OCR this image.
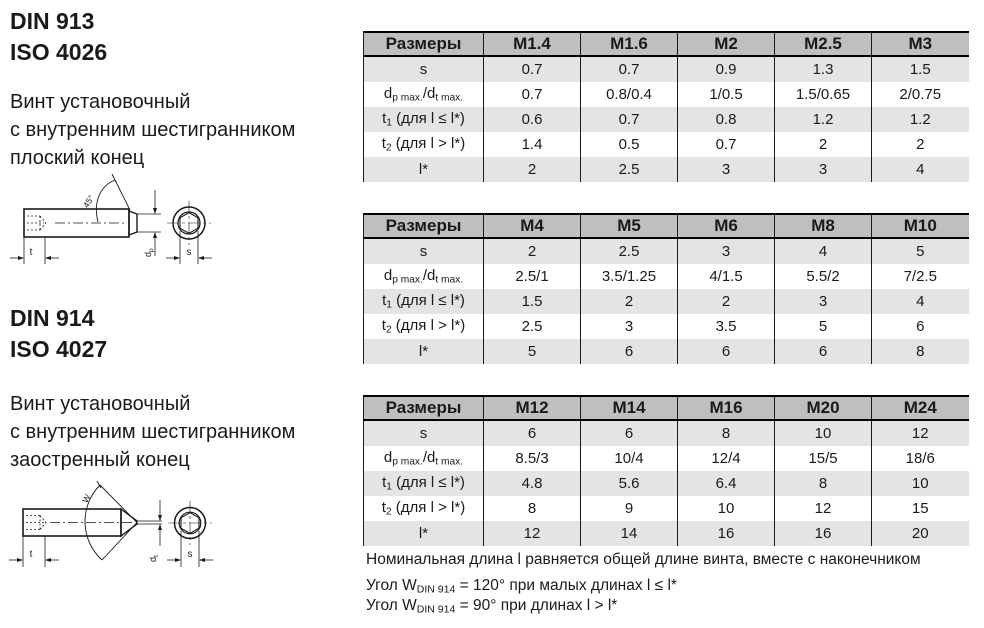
DIN 913
ISO 4026
Винт установочный
с внутренним шестигранником
плоский конец
45°
t	$d_p$	s
DIN 914
ISO 4027
Винт установочный
с внутренним шестигранником
заостренный конец
W
t	$d_t$	s
Размеры	M1.4	M1.6	M2	M2.5	M3
s	0.7	0.7	0.9	1.3	1.5
dp max./dt max.	0.7	0.8/0.4	1/0.5	1.5/0.65	2/0.75
t1 (для l ≤ l*)	0.6	0.7	0.8	1.2	1.2
t2 (для l > l*)	1.4	0.5	0.7	2	2
l*	2	2.5	3	3	4
Размеры	M4	M5	M6	M8	M10
s	2	2.5	3	4	5
dp max./dt max.	2.5/1	3.5/1.25	4/1.5	5.5/2	7/2.5
t1 (для l ≤ l*)	1.5	2	2	3	4
t2 (для l > l*)	2.5	3	3.5	5	6
l*	5	6	6	6	8
Размеры	M12	M14	M16	M20	M24
s	6	6	8	10	12
dp max./dt max.	8.5/3	10/4	12/4	15/5	18/6
t1 (для l ≤ l*)	4.8	5.6	6.4	8	10
t2 (для l > l*)	8	9	10	12	15
l*	12	14	16	16	20

Номинальная длина l равняется общей длине винта, вместе с наконечником

Угол WDIN 914 = 120° при малых длинах l ≤ l*

Угол WDIN 914 = 90° при длинах l > l*
